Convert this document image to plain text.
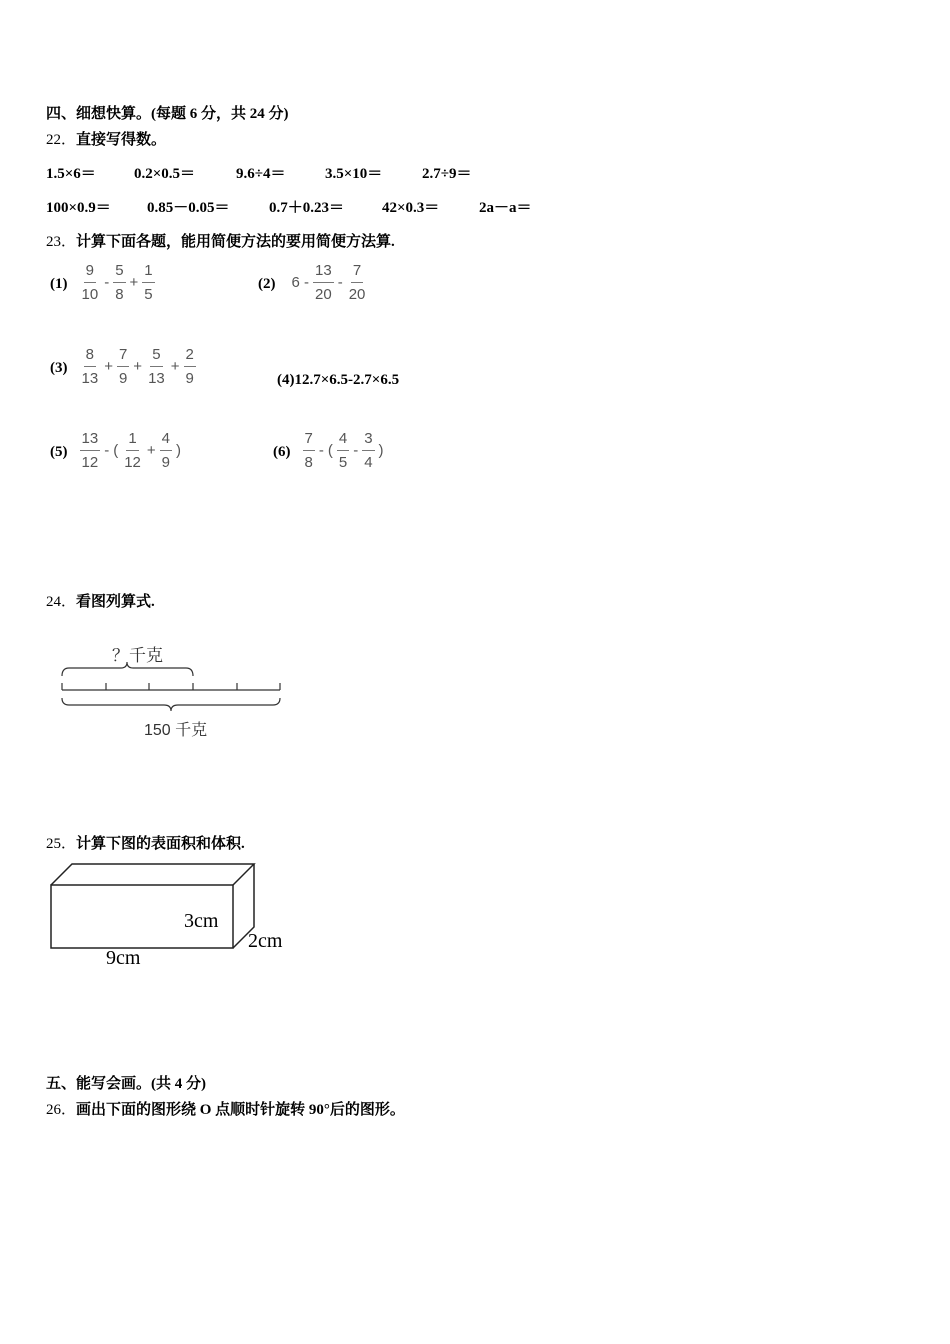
四、细想快算。(每题 6 分，共 24 分)
22．直接写得数。
1.5×6＝	0.2×0.5＝	9.6÷4＝	3.5×10＝	2.7÷9＝
100×0.9＝ 0.85－0.05＝	0.7＋0.23＝	42×0.3＝	2a－a＝
23．计算下面各题，能用简便方法的要用简便方法算.
$(1) \frac{9}{10} - \frac{5}{8} + \frac{1}{5}$	(2) $6 - \frac{13}{20} - \frac{7}{20}$
$(3) \frac{8}{13} + \frac{7}{9} + \frac{5}{13} + \frac{2}{9}$	(4)12.7×6.5-2.7×6.5
$(5) \frac{13}{12}$ - ( $\frac{1}{12} + \frac{4}{9}$ )	$(6) \frac{7}{8}$ - ( $\frac{4}{5} - \frac{3}{4}$ )
24．看图列算式.
？千克
150 千克
25．计算下图的表面积和体积.
3cm
2cm
9cm
五、能写会画。(共 4 分)
26．画出下面的图形绕 O 点顺时针旋转 90°后的图形。
